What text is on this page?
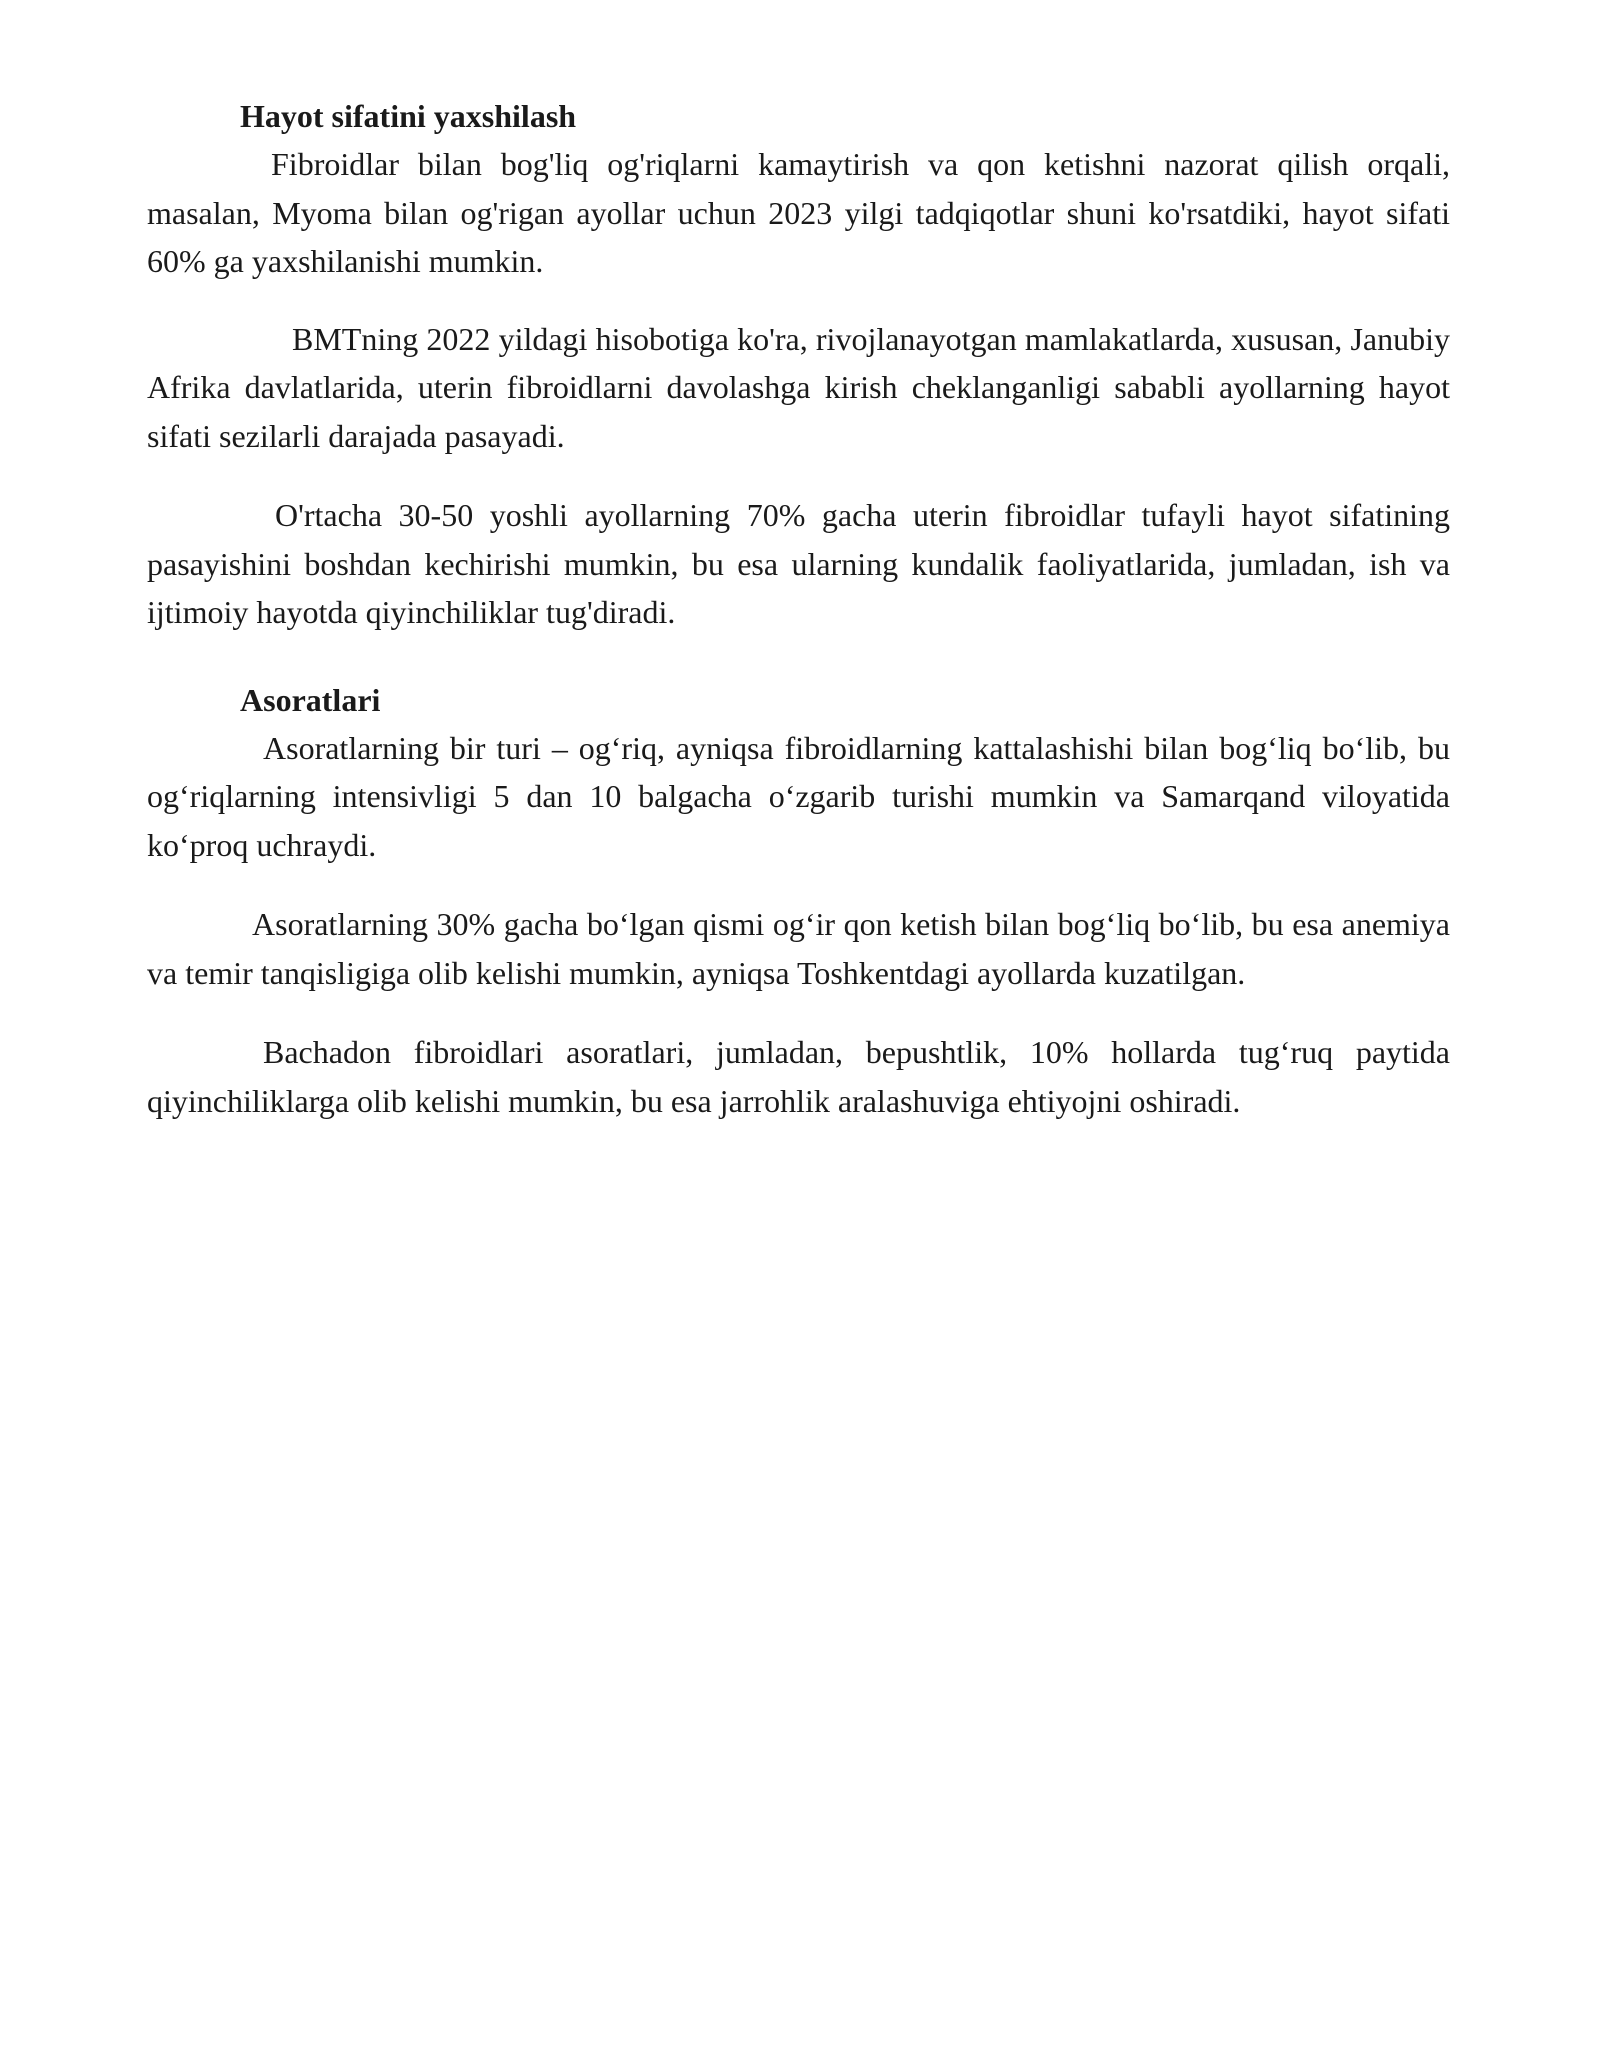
Hayot sifatini yaxshilash

Fibroidlar bilan bog'liq og'riqlarni kamaytirish va qon ketishni nazorat qilish orqali, masalan, Myoma bilan og'rigan ayollar uchun 2023 yilgi tadqiqotlar shuni ko'rsatdiki, hayot sifati 60% ga yaxshilanishi mumkin.

BMTning 2022 yildagi hisobotiga ko'ra, rivojlanayotgan mamlakatlarda, xususan, Janubiy Afrika davlatlarida, uterin fibroidlarni davolashga kirish cheklanganligi sababli ayollarning hayot sifati sezilarli darajada pasayadi.

O'rtacha 30-50 yoshli ayollarning 70% gacha uterin fibroidlar tufayli hayot sifatining pasayishini boshdan kechirishi mumkin, bu esa ularning kundalik faoliyatlarida, jumladan, ish va ijtimoiy hayotda qiyinchiliklar tug'diradi.

Asoratlari

Asoratlarning bir turi – og‘riq, ayniqsa fibroidlarning kattalashishi bilan bog‘liq bo‘lib, bu og‘riqlarning intensivligi 5 dan 10 balgacha o‘zgarib turishi mumkin va Samarqand viloyatida ko‘proq uchraydi.

Asoratlarning 30% gacha bo‘lgan qismi og‘ir qon ketish bilan bog‘liq bo‘lib, bu esa anemiya va temir tanqisligiga olib kelishi mumkin, ayniqsa Toshkentdagi ayollarda kuzatilgan.

Bachadon fibroidlari asoratlari, jumladan, bepushtlik, 10% hollarda tug‘ruq paytida qiyinchiliklarga olib kelishi mumkin, bu esa jarrohlik aralashuviga ehtiyojni oshiradi.
